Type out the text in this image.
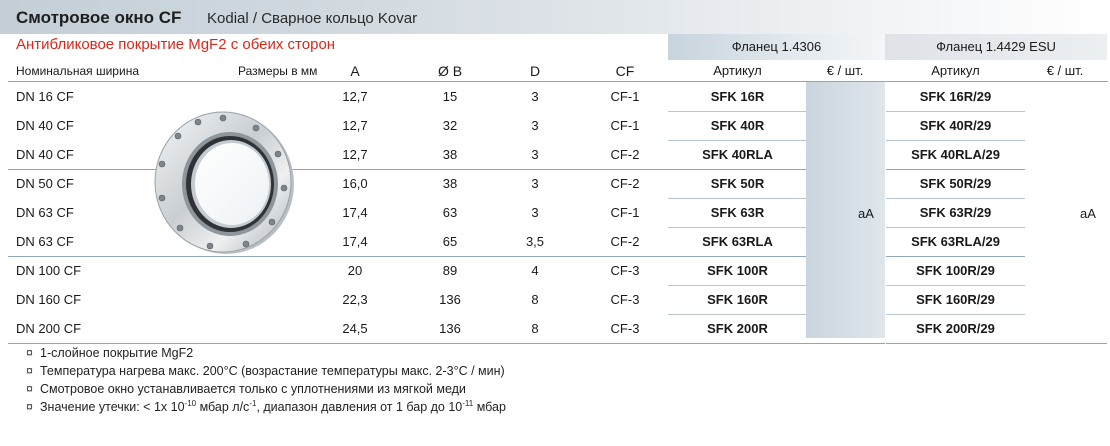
Смотровое окно CF Kodial / Сварное кольцо Kovar
Антибликовое покрытие MgF2 с обеих сторон	Фланец 1.4306	Фланец 1.4429 ESU
Номинальная ширина	Размеры в мм	A	Ø B	D	CF	Артикул	€ / шт.	Артикул	€ / шт.
DN 16 CF	12,7	15	3	CF-1	SFK 16R	SFK 16R/29
DN 40 CF	12,7	32	3	CF-1	SFK 40R	SFK 40R/29
DN 40 CF	12,7	38	3	CF-2	SFK 40RLA	SFK 40RLA/29
DN 50 CF	16,0	38	3	CF-2	SFK 50R	SFK 50R/29
DN 63 CF	17,4	63	3	CF-1	SFK 63R	SFK 63R/29
DN 63 CF	17,4	65	3,5	CF-2	SFK 63RLA	SFK 63RLA/29
DN 100 CF	20	89	4	CF-3	SFK 100R	SFK 100R/29
DN 160 CF	22,3	136	8	CF-3	SFK 160R	SFK 160R/29
DN 200 CF	24,5	136	8	CF-3	SFK 200R	SFK 200R/29
aA	aA
¤ 1-слойное покрытие MgF2
¤ Температура нагрева макс. 200°C (возрастание температуры макс. 2-3°C / мин)
¤ Смотровое окно устанавливается только с уплотнениями из мягкой меди
¤ Значение утечки: < 1x $10^{-10}$ мбар $л/с^{-1}$, диапазон давления от 1 бар до $10^{-11}$ мбар
